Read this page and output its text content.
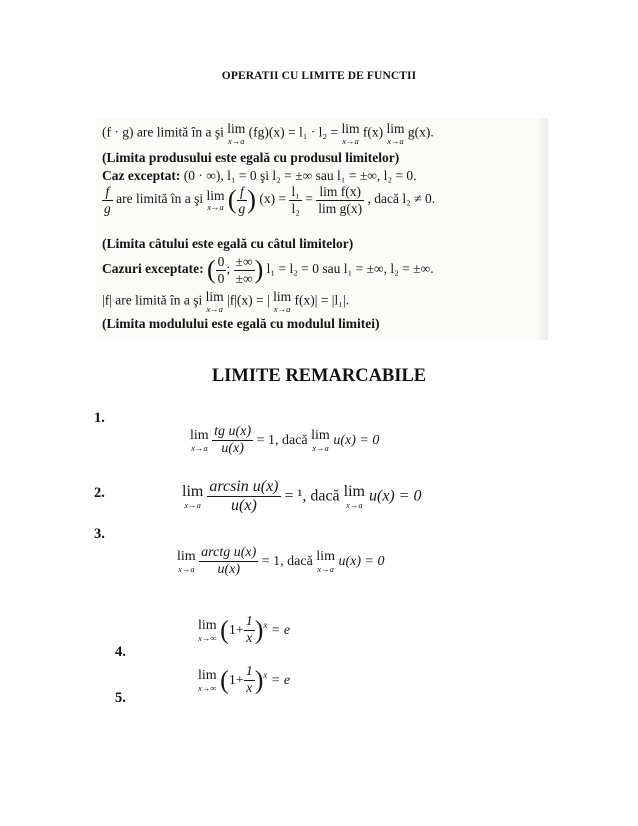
OPERATII CU LIMITE DE FUNCTII
(f · g) are limită în a şi lim
x→a
(fg)(x) = l₁ · l₂ = lim
x→a
f(x) lim
x→a
g(x).
(Limita produsului este egală cu produsul limitelor)
Caz exceptat: (0 · ∞), l₁ = 0 şi l₂ = ±∞ sau l₁ = ±∞, l₂ = 0.
$\frac{f}{g}$ are limită în a şi lim
x→a ( $\frac{f}{g}$ ) $(x) = \frac{\text{l₁}}{\text{l₂}} = \frac{\text{lim f(x)}}{\text{lim g(x)}}$ , dacă l₂ ≠ 0.
(Limita câtului este egală cu câtul limitelor)
Cazuri exceptate: ( $\frac{0}{0}$ ; $\frac{\pm\infty}{\pm\infty}$ ) l₁ = l₂ = 0 sau l₁ = ±∞, l₂ = ±∞.
|f| are limită în a şi lim
x→a
|f|(x) = | lim
x→a
f(x)| = |l₁|.
(Limita modulului este egală cu modulul limitei)
LIMITE REMARCABILE
1.
2.
3.
4.
5.
lim
x→a
$\frac{\text{tg u(x)}}{u(x)} = 1$, dacă lim
x→a
u(x) = 0
lim
x→a
$\frac{\text{arcsin u(x)}}{u(x)} = ^1$, dacă lim
x→a
u(x) = 0
lim
x→a
$\frac{\text{arctg u(x)}}{u(x)} = 1$, dacă lim
x→a
u(x) = 0
lim
x→∞ $(1+ \frac{1}{x} )^x = e$
lim
x→∞ $(1+ \frac{1}{x} )^x = e$
